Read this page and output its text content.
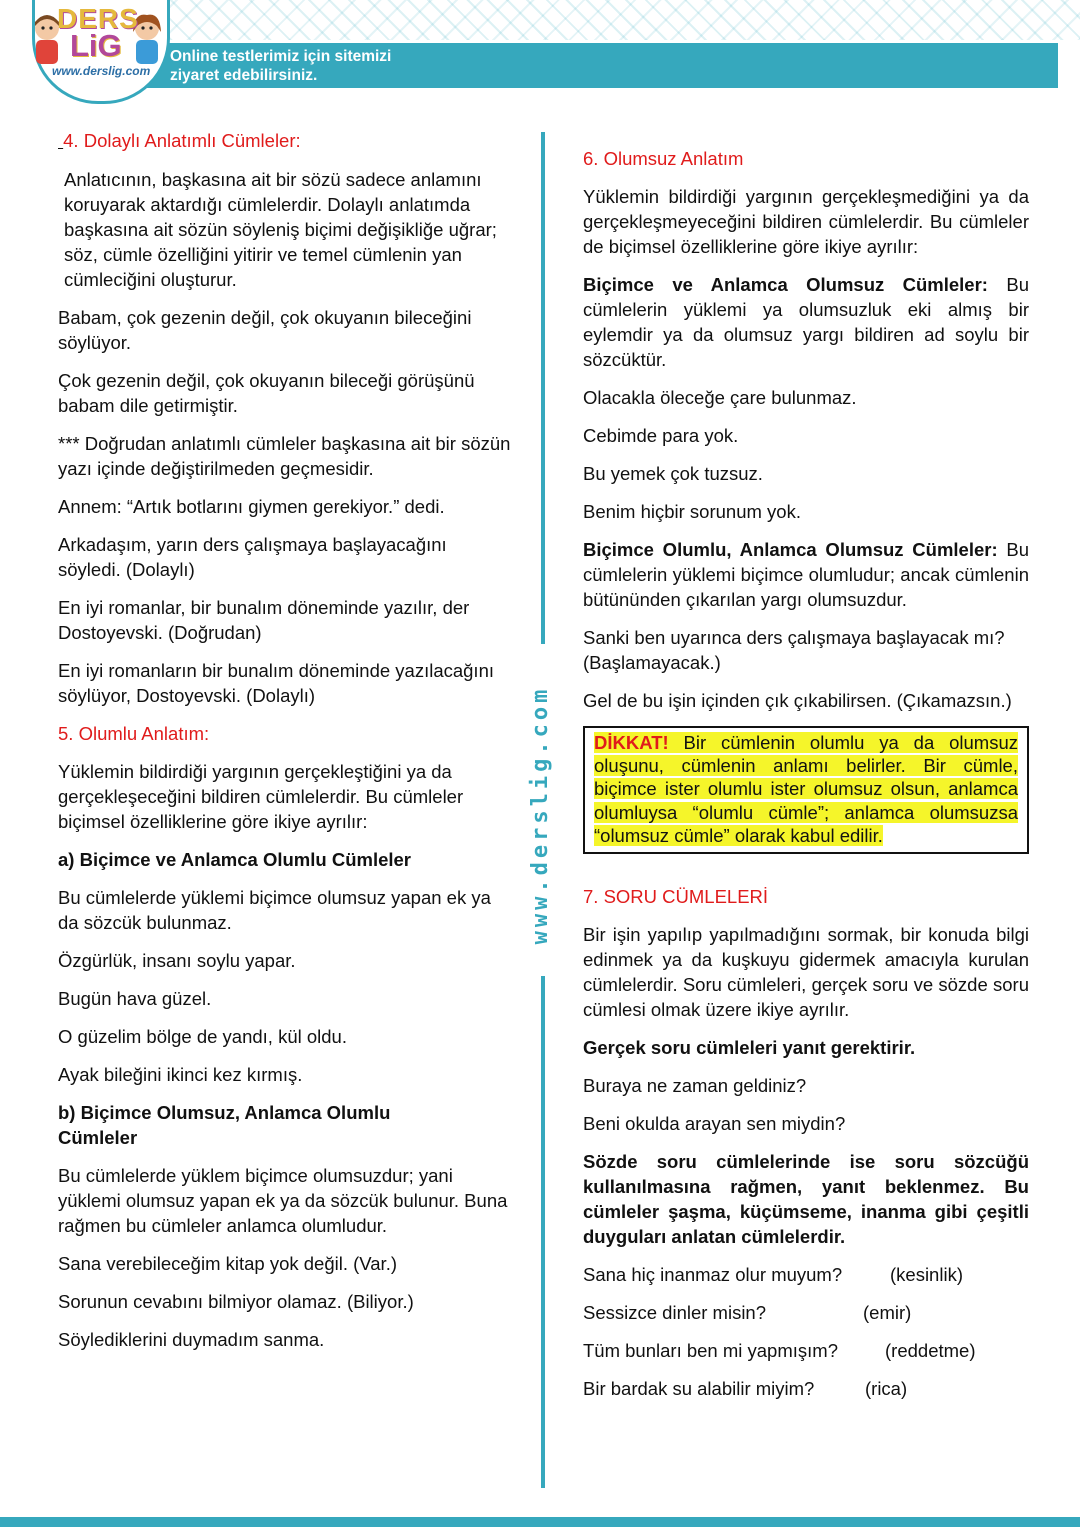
Online testlerimiz için sitemizi
ziyaret edebilirsiniz.
DERS
LiG
www.derslig.com
www.derslig.com
4. Dolaylı Anlatımlı Cümleler:

Anlatıcının, başkasına ait bir sözü sadece anlamını koruyarak aktardığı cümlelerdir. Dolaylı anlatımda başkasına ait sözün söyleniş biçimi değişikliğe uğrar; söz, cümle özelliğini yitirir ve temel cümlenin yan cümleciğini oluşturur.

Babam, çok gezenin değil, çok okuyanın bileceğini söylüyor.

Çok gezenin değil, çok okuyanın bileceği görüşünü babam dile getirmiştir.

*** Doğrudan anlatımlı cümleler başkasına ait bir sözün yazı içinde değiştirilmeden geçmesidir.

Annem: “Artık botlarını giymen gerekiyor.” dedi.

Arkadaşım, yarın ders çalışmaya başlayacağını söyledi. (Dolaylı)

En iyi romanlar, bir bunalım döneminde yazılır, der Dostoyevski. (Doğrudan)

En iyi romanların bir bunalım döneminde yazılacağını söylüyor, Dostoyevski. (Dolaylı)

5. Olumlu Anlatım:

Yüklemin bildirdiği yargının gerçekleştiğini ya da gerçekleşeceğini bildiren cümlelerdir. Bu cümleler biçimsel özelliklerine göre ikiye ayrılır:

a) Biçimce ve Anlamca Olumlu Cümleler

Bu cümlelerde yüklemi biçimce olumsuz yapan ek ya da sözcük bulunmaz.

Özgürlük, insanı soylu yapar.

Bugün hava güzel.

O güzelim bölge de yandı, kül oldu.

Ayak bileğini ikinci kez kırmış.

b) Biçimce Olumsuz, Anlamca Olumlu Cümleler

Bu cümlelerde yüklem biçimce olumsuzdur; yani yüklemi olumsuz yapan ek ya da sözcük bulunur. Buna rağmen bu cümleler anlamca olumludur.

Sana verebileceğim kitap yok değil. (Var.)

Sorunun cevabını bilmiyor olamaz. (Biliyor.)

Söylediklerini duymadım sanma.

6. Olumsuz Anlatım

Yüklemin bildirdiği yargının gerçekleşmediğini ya da gerçekleşmeyeceğini bildiren cümlelerdir. Bu cümleler de biçimsel özelliklerine göre ikiye ayrılır:

Biçimce ve Anlamca Olumsuz Cümleler: Bu cümlelerin yüklemi ya olumsuzluk eki almış bir eylemdir ya da olumsuz yargı bildiren ad soylu bir sözcüktür.

Olacakla öleceğe çare bulunmaz.

Cebimde para yok.

Bu yemek çok tuzsuz.

Benim hiçbir sorunum yok.

Biçimce Olumlu, Anlamca Olumsuz Cümleler: Bu cümlelerin yüklemi biçimce olumludur; ancak cümlenin bütününden çıkarılan yargı olumsuzdur.

Sanki ben uyarınca ders çalışmaya başlayacak mı? (Başlamayacak.)

Gel de bu işin içinden çık çıkabilirsen. (Çıkamazsın.)

DİKKAT! Bir cümlenin olumlu ya da olumsuz oluşunu, cümlenin anlamı belirler. Bir cümle, biçimce ister olumlu ister olumsuz olsun, anlamca olumluysa “olumlu cümle”; anlamca olumsuzsa “olumsuz cümle” olarak kabul edilir.
7. SORU CÜMLELERİ

Bir işin yapılıp yapılmadığını sormak, bir konuda bilgi edinmek ya da kuşkuyu gidermek amacıyla kurulan cümlelerdir. Soru cümleleri, gerçek soru ve sözde soru cümlesi olmak üzere ikiye ayrılır.

Gerçek soru cümleleri yanıt gerektirir.

Buraya ne zaman geldiniz?

Beni okulda arayan sen miydin?

Sözde soru cümlelerinde ise soru sözcüğü kullanılmasına rağmen, yanıt beklenmez. Bu cümleler şaşma, küçümseme, inanma gibi çeşitli duyguları anlatan cümlelerdir.

Sana hiç inanmaz olur muyum?	(kesinlik)
Sessizce dinler misin?	(emir)
Tüm bunları ben mi yapmışım?	(reddetme)
Bir bardak su alabilir miyim?	(rica)
